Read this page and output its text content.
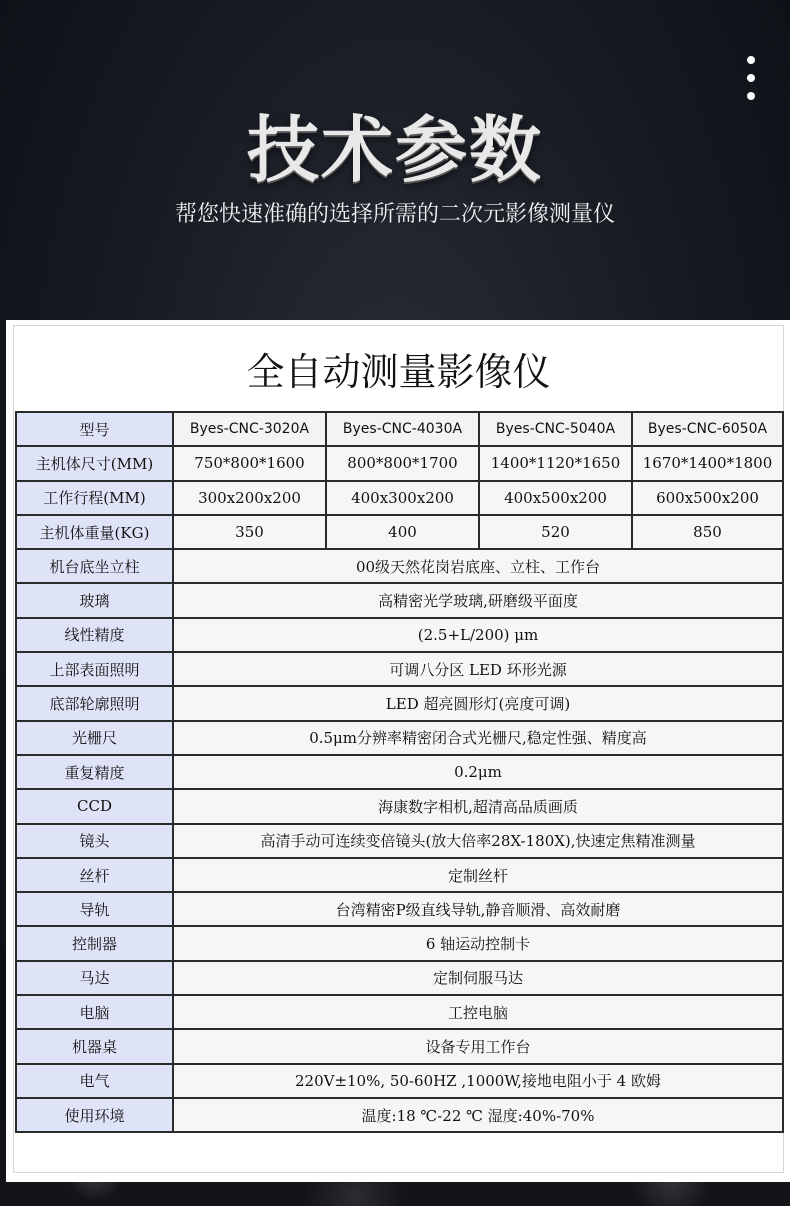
技术参数
帮您快速准确的选择所需的二次元影像测量仪
全自动测量影像仪
型号	Byes-CNC-3020A	Byes-CNC-4030A	Byes-CNC-5040A	Byes-CNC-6050A
主机体尺寸(MM)	750*800*1600	800*800*1700	1400*1120*1650	1670*1400*1800
工作行程(MM)	300x200x200	400x300x200	400x500x200	600x500x200
主机体重量(KG)	350	400	520	850
机台底坐立柱	00级天然花岗岩底座、立柱、工作台			
玻璃	高精密光学玻璃,研磨级平面度			
线性精度	(2.5+L/200) μm			
上部表面照明	可调八分区 LED 环形光源			
底部轮廓照明	LED 超亮圆形灯(亮度可调)			
光栅尺	0.5μm分辨率精密闭合式光栅尺,稳定性强、精度高			
重复精度	0.2μm			
CCD	海康数字相机,超清高品质画质			
镜头	高清手动可连续变倍镜头(放大倍率28X-180X),快速定焦精准测量			
丝杆	定制丝杆			
导轨	台湾精密P级直线导轨,静音顺滑、高效耐磨			
控制器	6 轴运动控制卡			
马达	定制伺服马达			
电脑	工控电脑			
机器桌	设备专用工作台			
电气	220V±10%, 50-60HZ ,1000W,接地电阻小于 4 欧姆			
使用环境	温度:18 ℃-22 ℃ 湿度:40%-70%			
